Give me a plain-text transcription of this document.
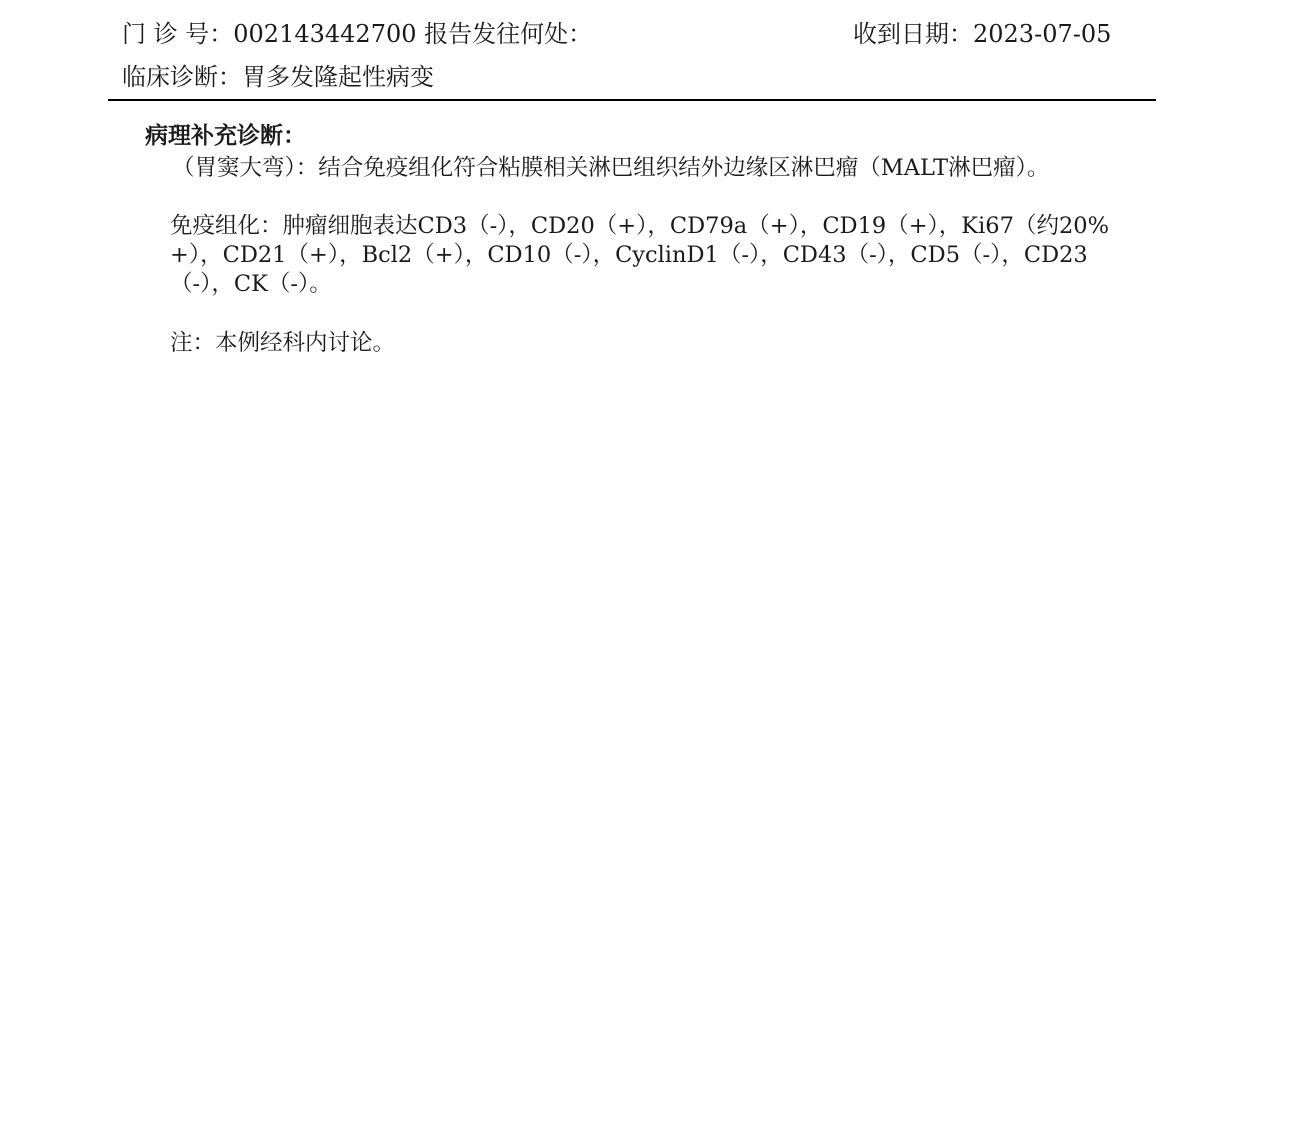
门 诊 号：002143442700 报告发往何处：	收到日期：2023-07-05
临床诊断：胃多发隆起性病变
病理补充诊断：
（胃窦大弯）：结合免疫组化符合粘膜相关淋巴组织结外边缘区淋巴瘤（MALT淋巴瘤）。
免疫组化：肿瘤细胞表达CD3（-），CD20（+），CD79a（+），CD19（+），Ki67（约20%
+），CD21（+），Bcl2（+），CD10（-），CyclinD1（-），CD43（-），CD5（-），CD23
（-），CK（-）。
注：本例经科内讨论。
